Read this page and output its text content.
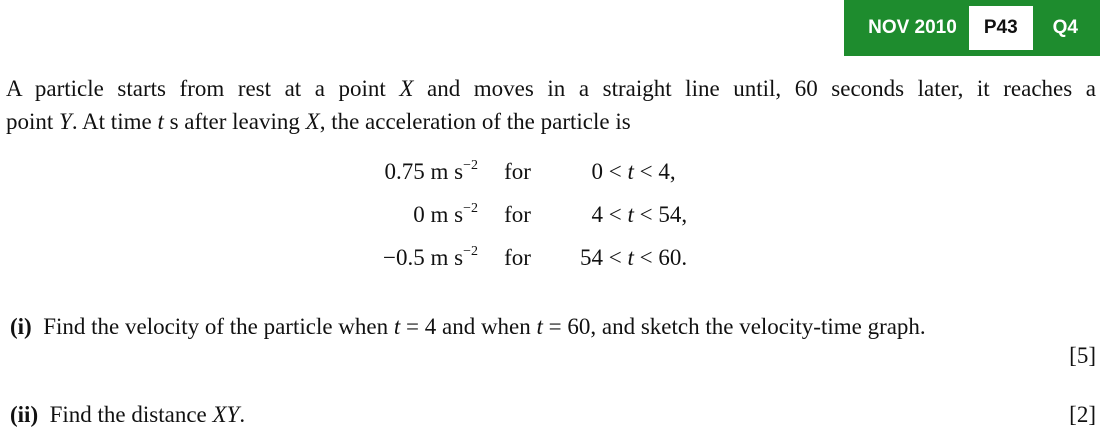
NOV 2010	P43	Q4

A particle starts from rest at a point X and moves in a straight line until, 60 seconds later, it reaches a
point Y. At time t s after leaving X, the acceleration of the particle is

0.75 m $s^{-2}$	for	0 < t < 4,
0 m $s^{-2}$	for	4 < t < 54,
−0.5 m $s^{-2}$	for	54 < t < 60.

(i) Find the velocity of the particle when t = 4 and when t = 60, and sketch the velocity-time graph.

[5]

(ii) Find the distance XY.	[2]
